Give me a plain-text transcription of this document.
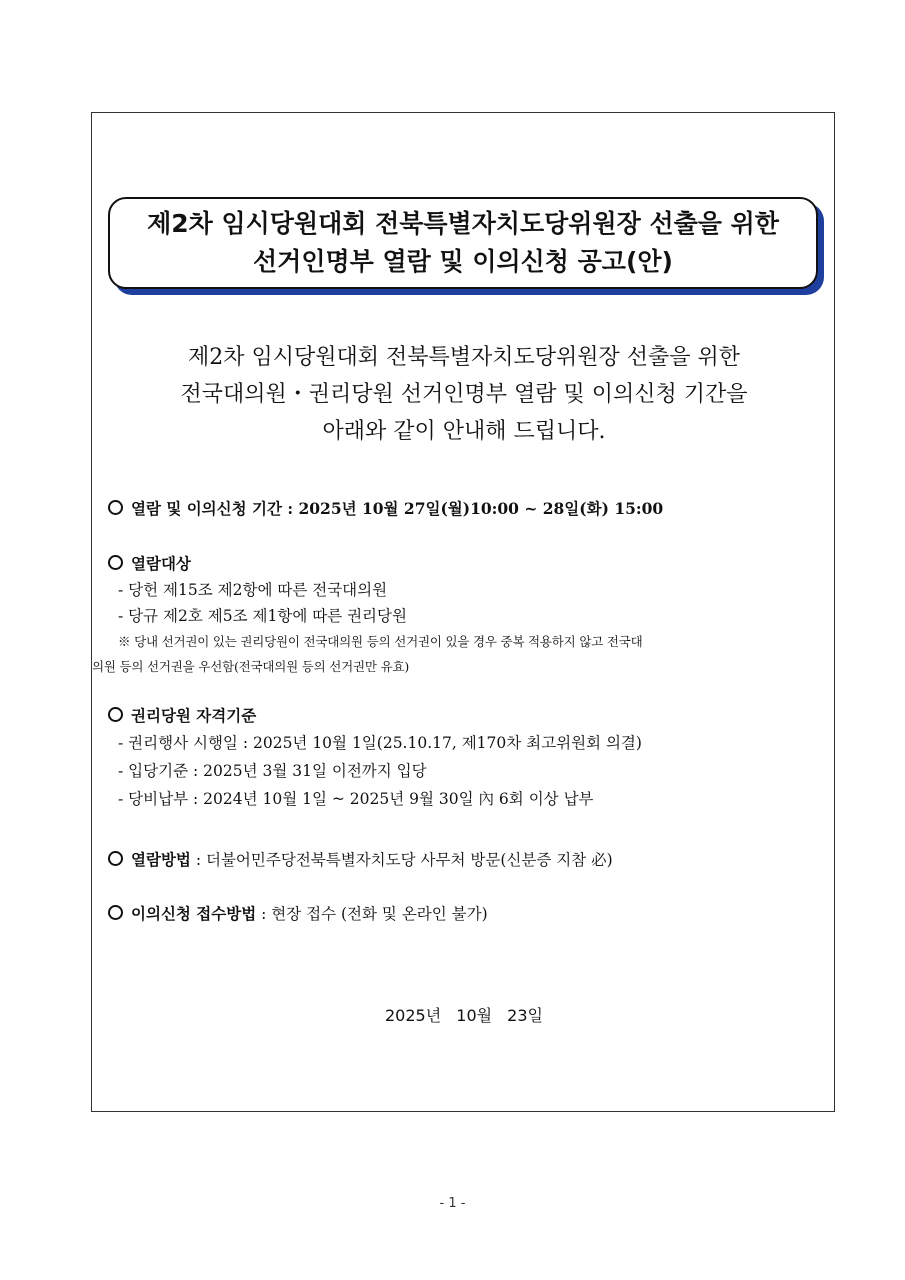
제2차 임시당원대회 전북특별자치도당위원장 선출을 위한
선거인명부 열람 및 이의신청 공고(안)
제2차 임시당원대회 전북특별자치도당위원장 선출을 위한
전국대의원・권리당원 선거인명부 열람 및 이의신청 기간을
아래와 같이 안내해 드립니다.
열람 및 이의신청 기간 : 2025년 10월 27일(월)10:00 ~ 28일(화) 15:00
열람대상
- 당헌 제15조 제2항에 따른 전국대의원
- 당규 제2호 제5조 제1항에 따른 권리당원
※ 당내 선거권이 있는 권리당원이 전국대의원 등의 선거권이 있을 경우 중복 적용하지 않고 전국대
의원 등의 선거권을 우선함(전국대의원 등의 선거권만 유효)
권리당원 자격기준
- 권리행사 시행일 : 2025년 10월 1일(25.10.17, 제170차 최고위원회 의결)
- 입당기준 : 2025년 3월 31일 이전까지 입당
- 당비납부 : 2024년 10월 1일 ~ 2025년 9월 30일 內 6회 이상 납부
열람방법 : 더불어민주당전북특별자치도당 사무처 방문(신분증 지참 必)
이의신청 접수방법 : 현장 접수 (전화 및 온라인 불가)
2025년 10월 23일
- 1 -
